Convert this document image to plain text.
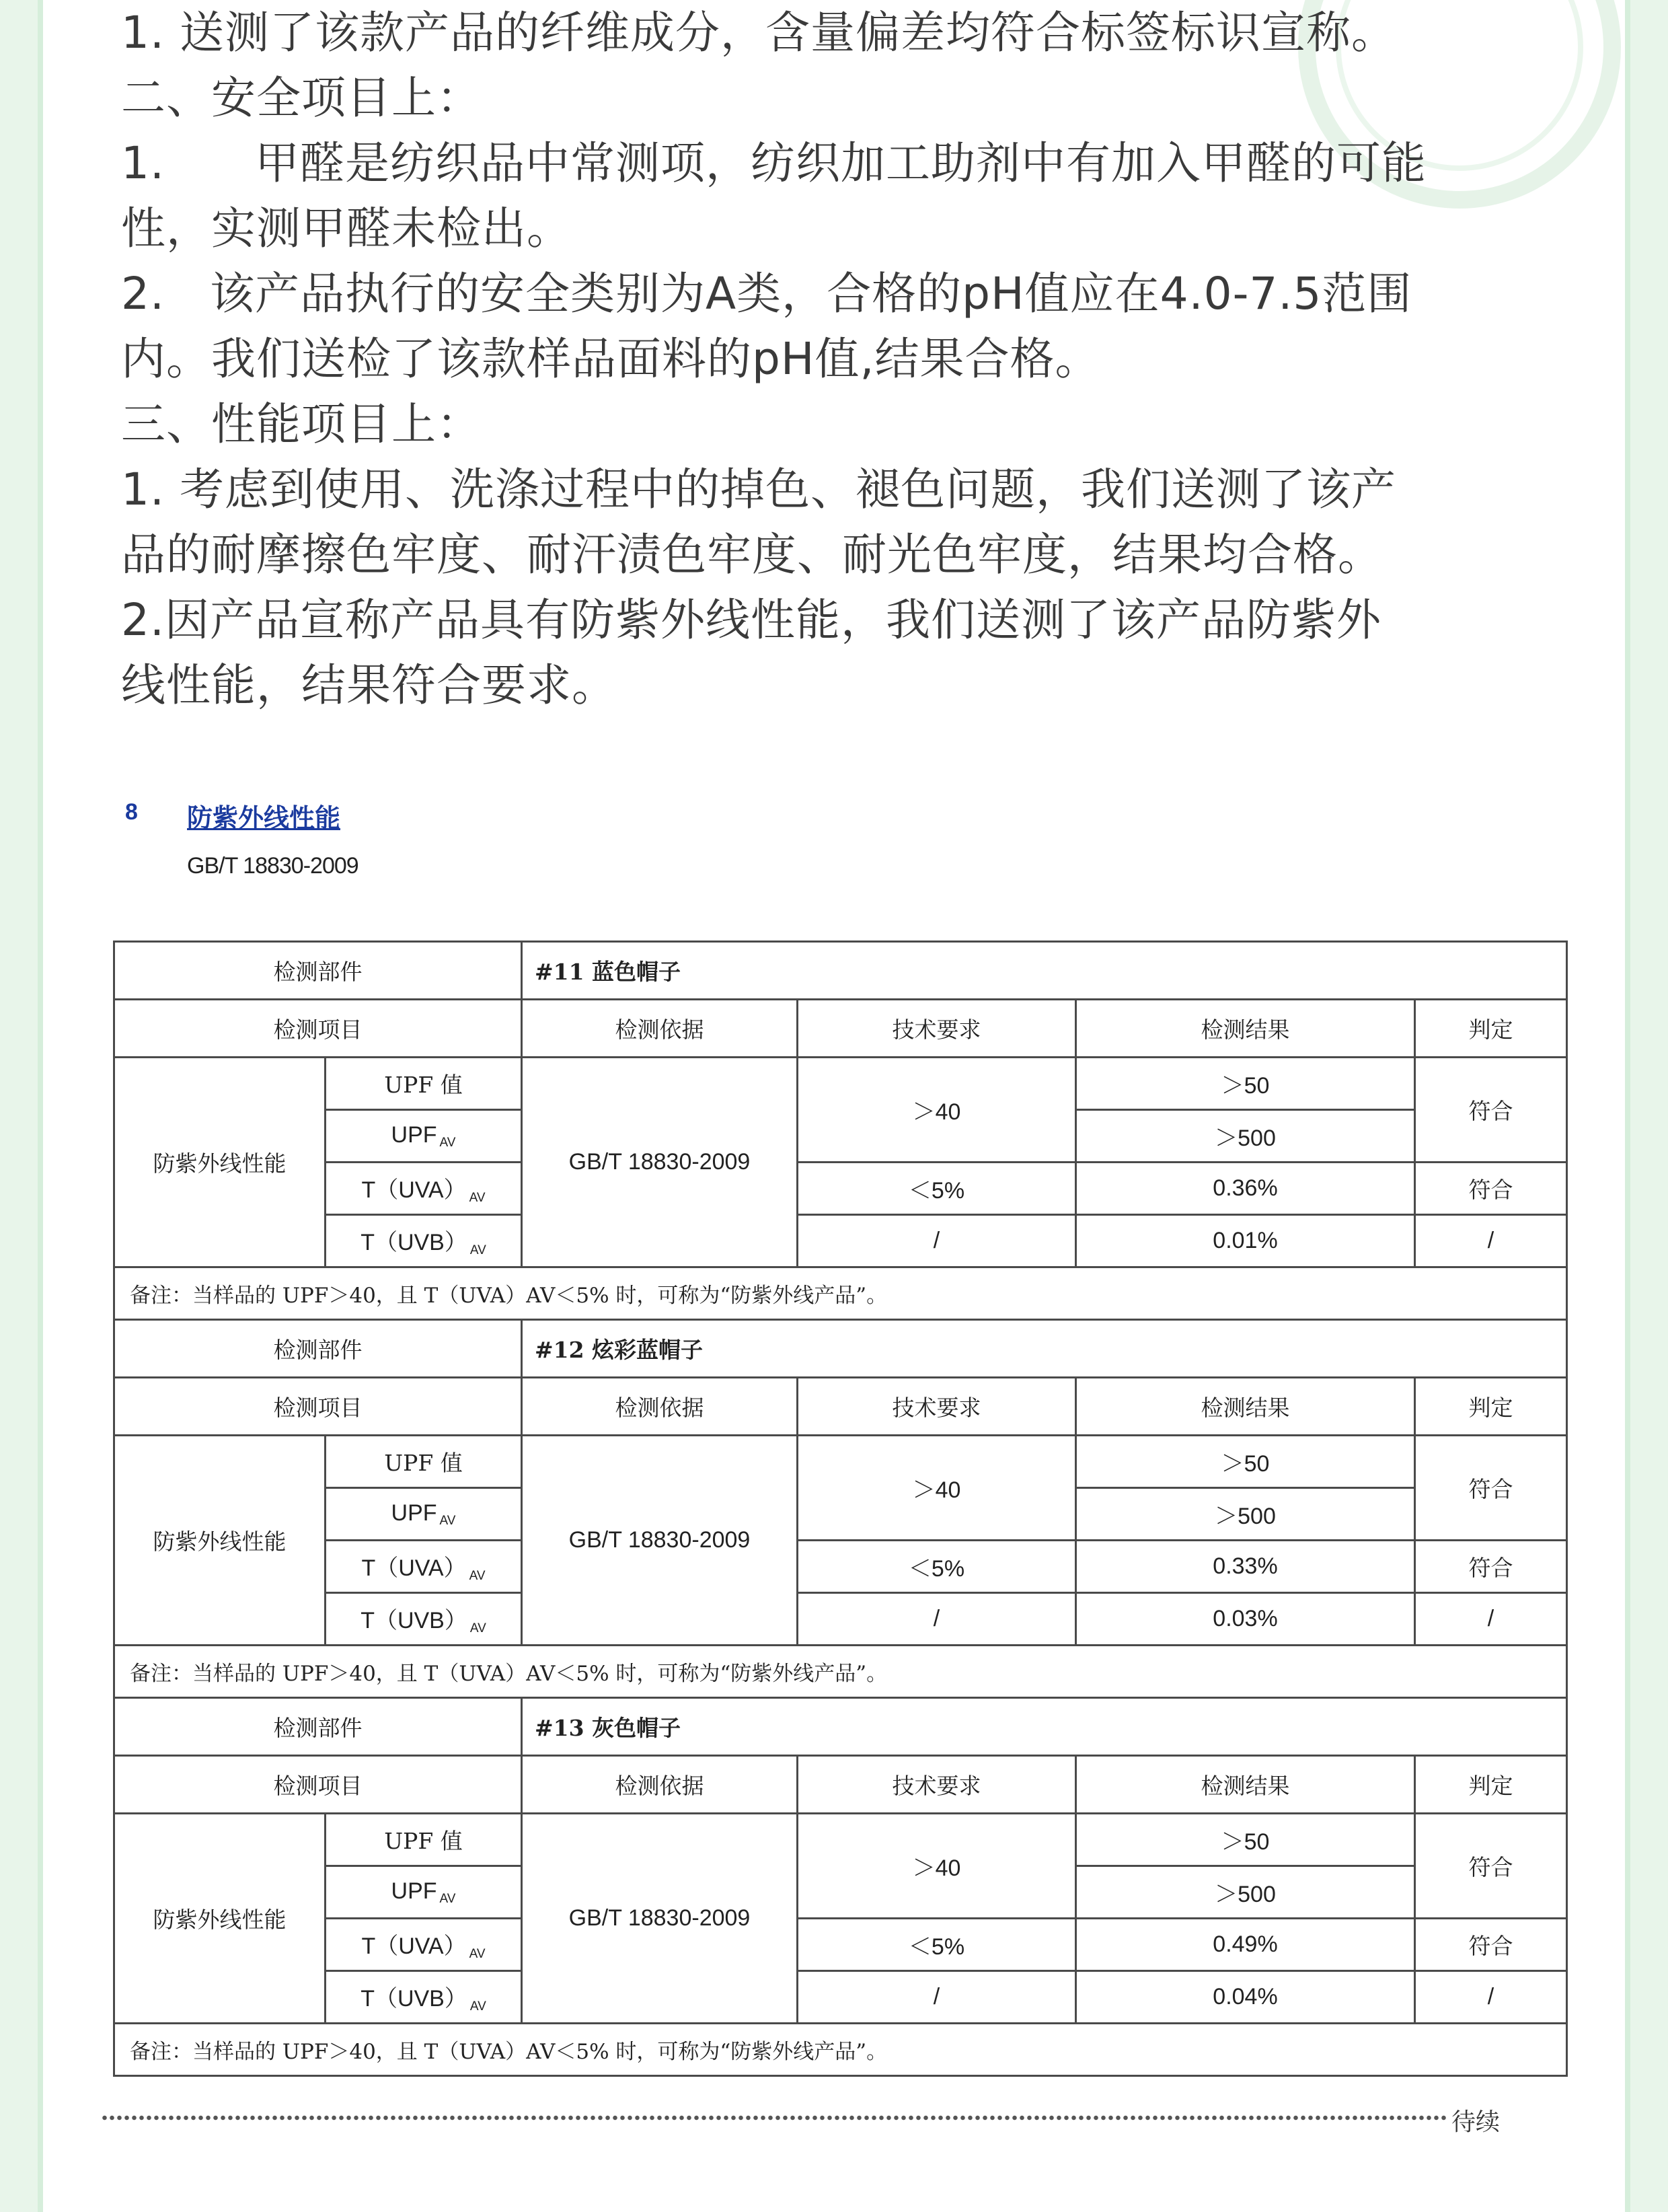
1. 送测了该款产品的纤维成分，含量偏差均符合标签标识宣称。

二、安全项目上：

1.　　甲醛是纺织品中常测项，纺织加工助剂中有加入甲醛的可能

性，实测甲醛未检出。

2.　该产品执行的安全类别为A类，合格的pH值应在4.0-7.5范围

内。我们送检了该款样品面料的pH值,结果合格。

三、性能项目上：

1. 考虑到使用、洗涤过程中的掉色、褪色问题，我们送测了该产

品的耐摩擦色牢度、耐汗渍色牢度、耐光色牢度，结果均合格。

2.因产品宣称产品具有防紫外线性能，我们送测了该产品防紫外

线性能，结果符合要求。

8 防紫外线性能
GB/T 18830-2009
检测部件		#11 蓝色帽子			
检测项目		检测依据	技术要求	检测结果	判定
防紫外线性能	UPF 值	GB/T 18830-2009	＞40	＞50	符合
	UPF $_{AV}$			＞500	
	T（UVA） $_{AV}$		＜5%	0.36%	符合
	T（UVB） $_{AV}$		/	0.01%	/
备注：当样品的 UPF＞40，且 T（UVA）AV＜5% 时，可称为“防紫外线产品”。					
检测部件		#12 炫彩蓝帽子			
检测项目		检测依据	技术要求	检测结果	判定
防紫外线性能	UPF 值	GB/T 18830-2009	＞40	＞50	符合
	UPF $_{AV}$			＞500	
	T（UVA） $_{AV}$		＜5%	0.33%	符合
	T（UVB） $_{AV}$		/	0.03%	/
备注：当样品的 UPF＞40，且 T（UVA）AV＜5% 时，可称为“防紫外线产品”。					
检测部件		#13 灰色帽子			
检测项目		检测依据	技术要求	检测结果	判定
防紫外线性能	UPF 值	GB/T 18830-2009	＞40	＞50	符合
	UPF $_{AV}$			＞500	
	T（UVA） $_{AV}$		＜5%	0.49%	符合
	T（UVB） $_{AV}$		/	0.04%	/
备注：当样品的 UPF＞40，且 T（UVA）AV＜5% 时，可称为“防紫外线产品”。					
待续
